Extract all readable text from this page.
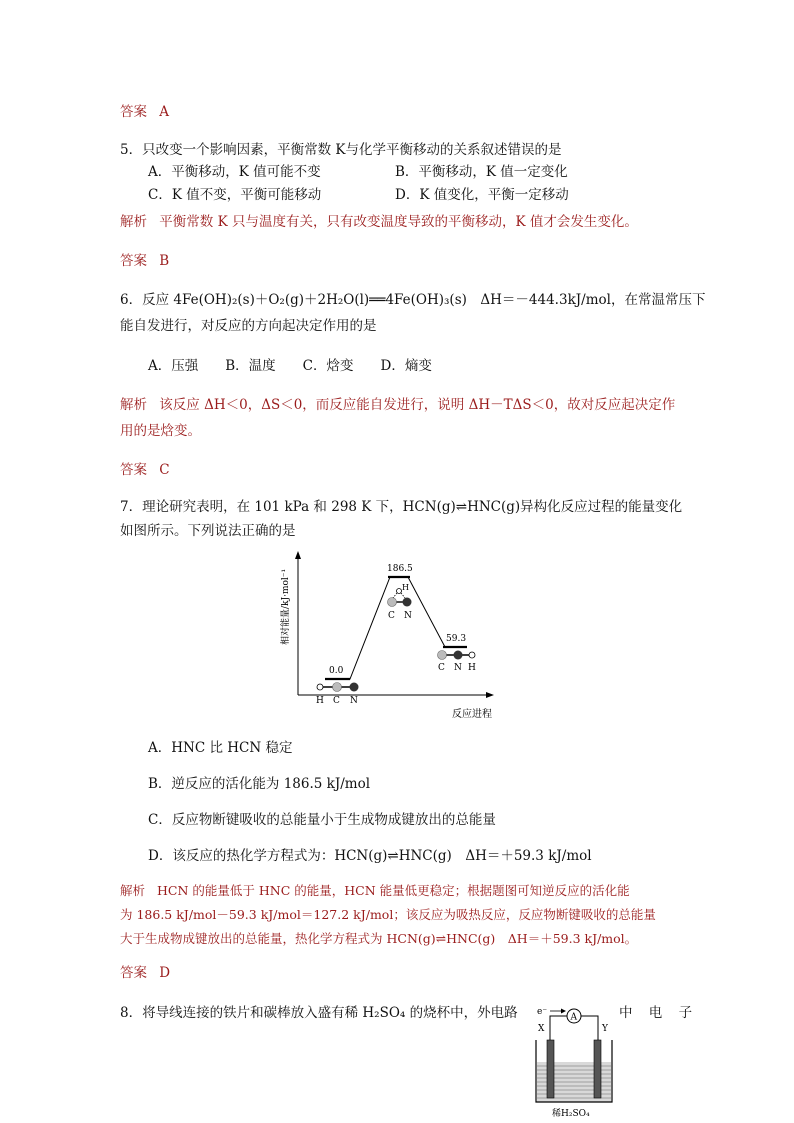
答案 A
5．只改变一个影响因素，平衡常数 K与化学平衡移动的关系叙述错误的是
A．平衡移动，K 值可能不变	B．平衡移动，K 值一定变化
C．K 值不变，平衡可能移动	D．K 值变化，平衡一定移动
解析 平衡常数 K 只与温度有关，只有改变温度导致的平衡移动，K 值才会发生变化。
答案 B
6．反应 4Fe(OH)₂(s)＋O₂(g)＋2H₂O(l)══4Fe(OH)₃(s)　ΔH＝－444.3kJ/mol，在常温常压下
能自发进行，对反应的方向起决定作用的是
A．压强　　B．温度　　C．焓变　　D．熵变
解析 该反应 ΔH＜0，ΔS＜0，而反应能自发进行，说明 ΔH－TΔS＜0，故对反应起决定作
用的是焓变。
答案 C
7．理论研究表明，在 101 kPa 和 298 K 下，HCN(g)⇌HNC(g)异构化反应过程的能量变化
如图所示。下列说法正确的是
相对能量/kJ·mol⁻¹
反应进程
0.0
186.5
59.3
H C N
H
C N
C N H
A．HNC 比 HCN 稳定
B．逆反应的活化能为 186.5 kJ/mol
C．反应物断键吸收的总能量小于生成物成键放出的总能量
D．该反应的热化学方程式为：HCN(g)⇌HNC(g)　ΔH＝＋59.3 kJ/mol
解析 HCN 的能量低于 HNC 的能量，HCN 能量低更稳定；根据题图可知逆反应的活化能
为 186.5 kJ/mol－59.3 kJ/mol＝127.2 kJ/mol；该反应为吸热反应，反应物断键吸收的总能量
大于生成物成键放出的总能量，热化学方程式为 HCN(g)⇌HNC(g)　ΔH＝＋59.3 kJ/mol。
答案 D
8．将导线连接的铁片和碳棒放入盛有稀 H₂SO₄ 的烧杯中，外电路	中 电 子
e⁻
A
X	Y
稀H₂SO₄
